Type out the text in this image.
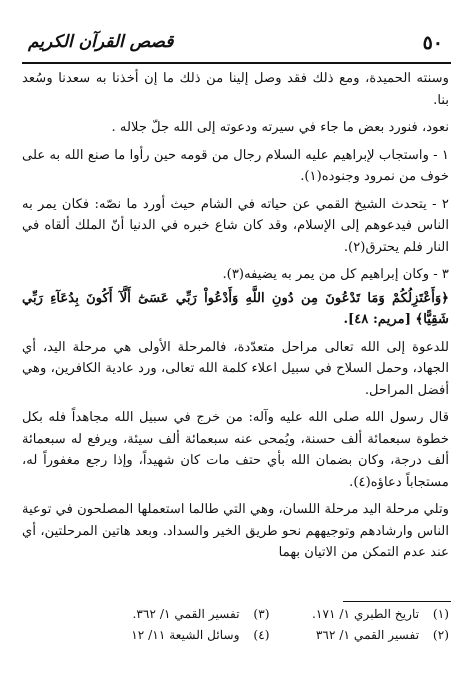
٥٠
قصص القرآن الكريم

وسنته الحميدة، ومع ذلك فقد وصل إلينا من ذلك ما إن أخذنا به سعدنا وسُعد بنا.

نعود، فنورد بعض ما جاء في سيرته ودعوته إلى الله جلّ جلاله .

١ - واستجاب لإبراهيم عليه السلام رجال من قومه حين رأوا ما صنع الله به على خوف من نمرود وجنوده(١).

٢ - يتحدث الشيخ القمي عن حياته في الشام حيث أورد ما نصّه: فكان يمر به الناس فيدعوهم إلى الإسلام، وقد كان شاع خبره في الدنيا أنّ الملك ألقاه في النار فلم يحترق(٢).

٣ - وكان إبراهيم كل من يمر به يضيفه(٣).

﴿وَأَعْتَزِلُكُمْ وَمَا تَدْعُونَ مِن دُونِ اللَّهِ وَأَدْعُواْ رَبِّي عَسَىٰٓ أَلَّآ أَكُونَ بِدُعَآءِ رَبِّي شَقِيًّا﴾ [مريم: ٤٨].

للدعوة إلى الله تعالى مراحل متعدّدة، فالمرحلة الأولى هي مرحلة اليد، أي الجهاد، وحمل السلاح في سبيل اعلاء كلمة الله تعالى، ورد عادية الكافرين، وهي أفضل المراحل.

قال رسول الله صلى الله عليه وآله: من خرج في سبيل الله مجاهداً فله بكل خطوة سبعمائة ألف حسنة، ويُمحى عنه سبعمائة ألف سيئة، ويرفع له سبعمائة ألف درجة، وكان بضمان الله بأي حتف مات كان شهيداً، وإذا رجع مغفوراً له، مستجاباً دعاؤه(٤).

وتلي مرحلة اليد مرحلة اللسان، وهي التي طالما استعملها المصلحون في توعية الناس وارشادهم وتوجيههم نحو طريق الخير والسداد. وبعد هاتين المرحلتين، أي عند عدم التمكن من الاتيان بهما

(١) تاريخ الطبري ١/ ١٧١.
(٣) تفسير القمي ١/ ٣٦٢.
(٢) تفسير القمي ١/ ٣٦٢
(٤) وسائل الشيعة ١١/ ١٢
